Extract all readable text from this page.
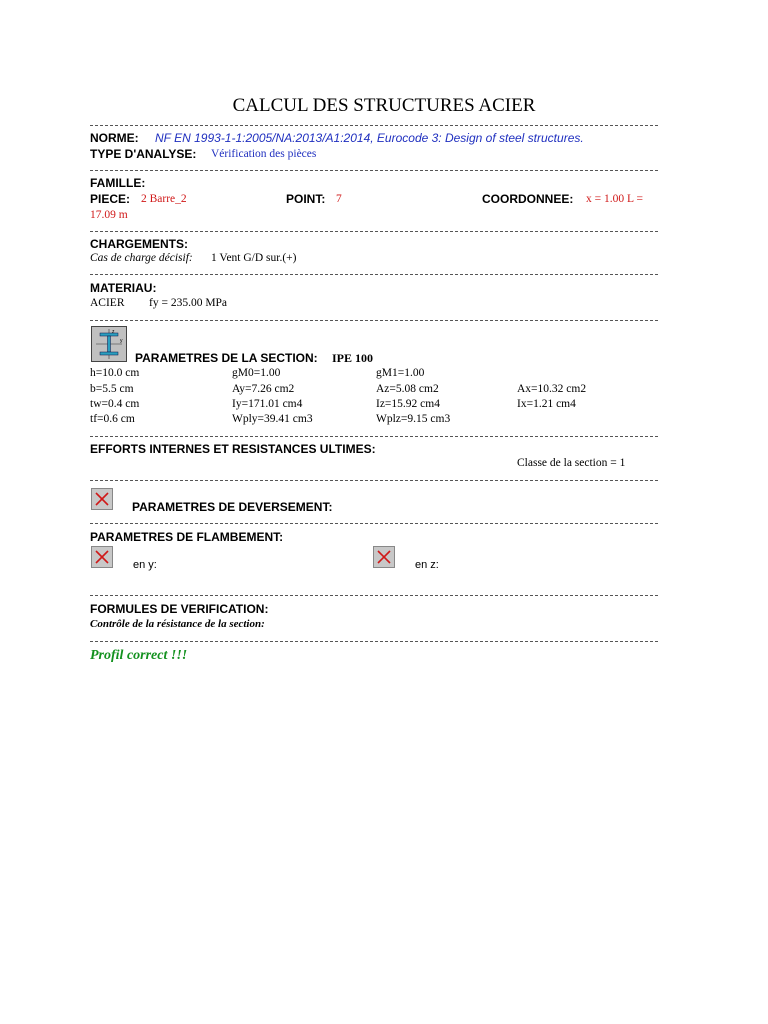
CALCUL DES STRUCTURES ACIER
NORME: NF EN 1993-1-1:2005/NA:2013/A1:2014, Eurocode 3: Design of steel structures.
TYPE D'ANALYSE: Vérification des pièces
FAMILLE:
PIECE: 2 Barre_2	POINT: 7	COORDONNEE: x = 1.00 L =
17.09 m
CHARGEMENTS:
Cas de charge décisif: 1 Vent G/D sur.(+)
MATERIAU:
ACIER fy = 235.00 MPa
z
y
PARAMETRES DE LA SECTION: IPE 100
h=10.0 cm	gM0=1.00	gM1=1.00
b=5.5 cm	Ay=7.26 cm2	Az=5.08 cm2	Ax=10.32 cm2
tw=0.4 cm	Iy=171.01 cm4	Iz=15.92 cm4	Ix=1.21 cm4
tf=0.6 cm	Wply=39.41 cm3	Wplz=9.15 cm3
EFFORTS INTERNES ET RESISTANCES ULTIMES:
Classe de la section = 1
PARAMETRES DE DEVERSEMENT:
PARAMETRES DE FLAMBEMENT:
en y:	en z:
FORMULES DE VERIFICATION:
Contrôle de la résistance de la section:
Profil correct !!!
